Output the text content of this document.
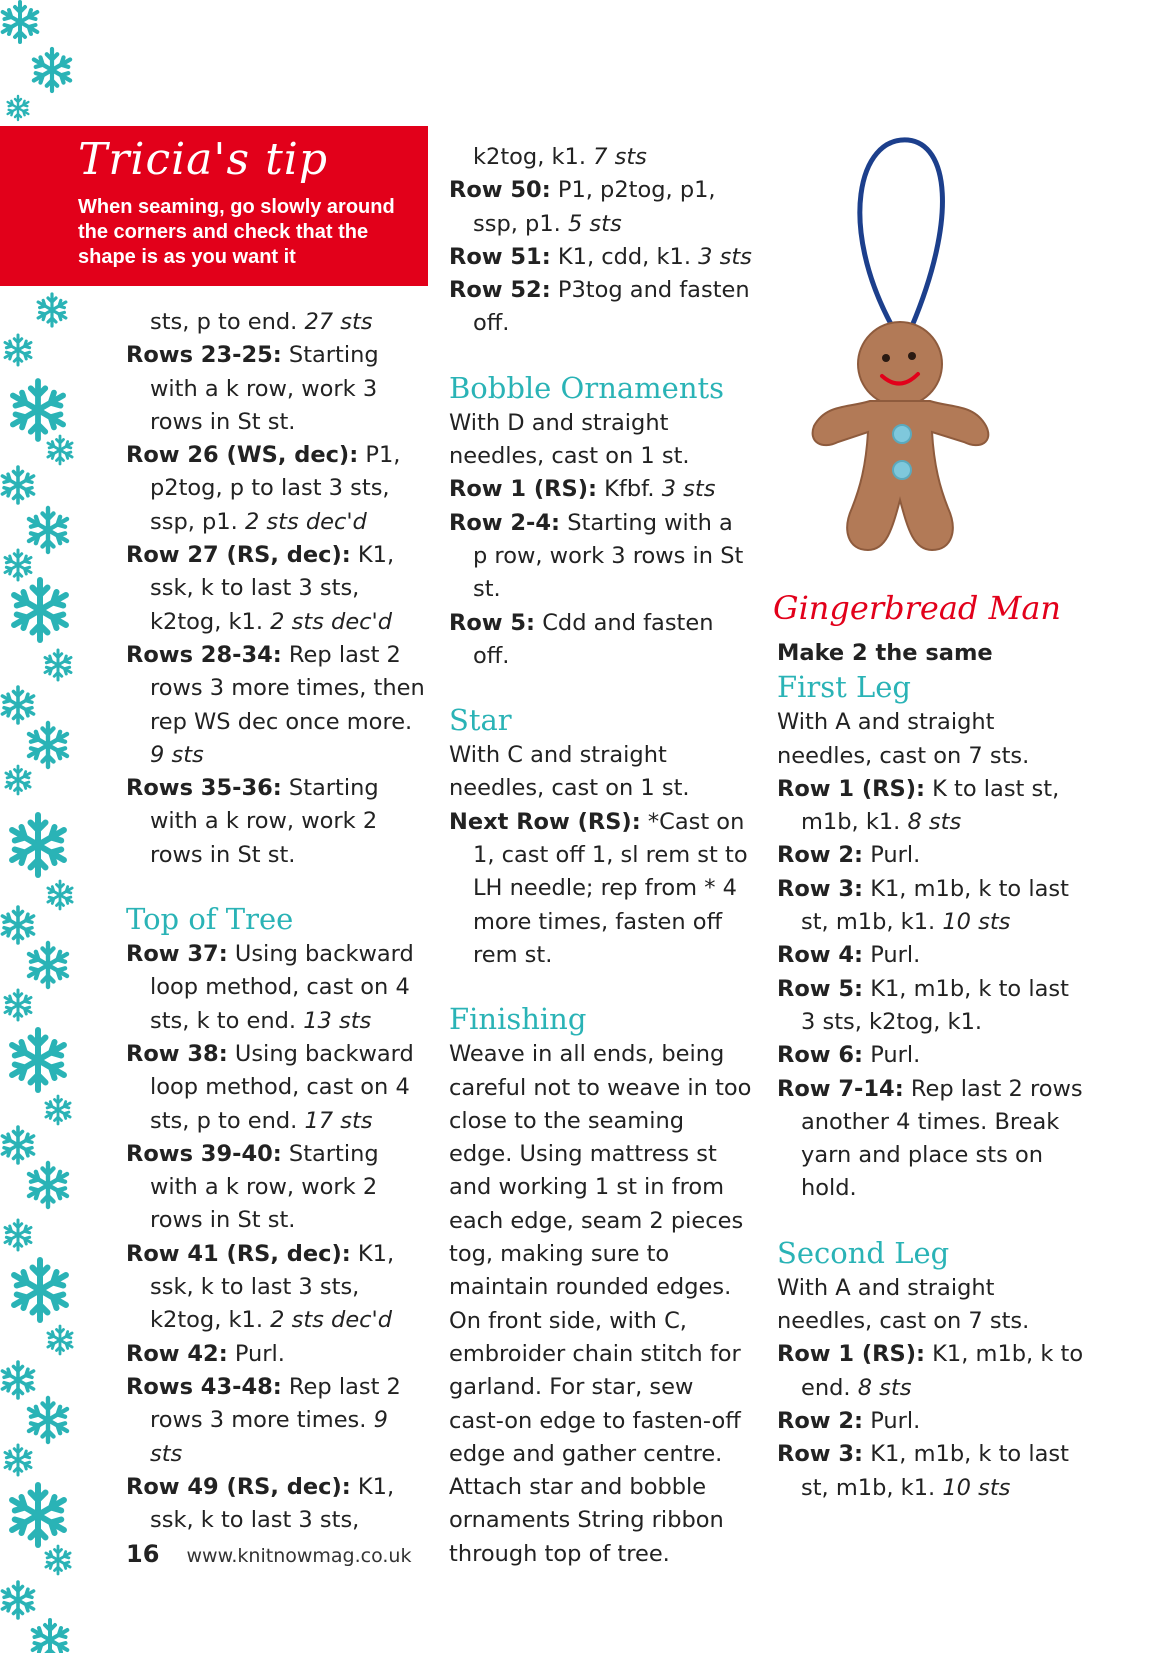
Tricia's tip

When seaming, go slowly around the corners and check that the shape is as you want it

sts, p to end. 27 sts

Rows 23-25: Starting with a k row, work 3 rows in St st.

Row 26 (WS, dec): P1, p2tog, p to last 3 sts, ssp, p1. 2 sts dec'd

Row 27 (RS, dec): K1, ssk, k to last 3 sts, k2tog, k1. 2 sts dec'd

Rows 28-34: Rep last 2 rows 3 more times, then rep WS dec once more. 9 sts

Rows 35-36: Starting with a k row, work 2 rows in St st.

Top of Tree

Row 37: Using backward loop method, cast on 4 sts, k to end. 13 sts

Row 38: Using backward loop method, cast on 4 sts, p to end. 17 sts

Rows 39-40: Starting with a k row, work 2 rows in St st.

Row 41 (RS, dec): K1, ssk, k to last 3 sts, k2tog, k1. 2 sts dec'd

Row 42: Purl.

Rows 43-48: Rep last 2 rows 3 more times. 9 sts

Row 49 (RS, dec): K1, ssk, k to last 3 sts,

k2tog, k1. 7 sts

Row 50: P1, p2tog, p1, ssp, p1. 5 sts

Row 51: K1, cdd, k1. 3 sts

Row 52: P3tog and fasten off.

Bobble Ornaments

With D and straight needles, cast on 1 st.

Row 1 (RS): Kfbf. 3 sts

Row 2-4: Starting with a p row, work 3 rows in St st.

Row 5: Cdd and fasten off.

Star

With C and straight needles, cast on 1 st.

Next Row (RS): *Cast on 1, cast off 1, sl rem st to LH needle; rep from * 4 more times, fasten off rem st.

Finishing

Weave in all ends, being careful not to weave in too close to the seaming edge. Using mattress st and working 1 st in from each edge, seam 2 pieces tog, making sure to maintain rounded edges.

On front side, with C, embroider chain stitch for garland. For star, sew cast-on edge to fasten-off edge and gather centre. Attach star and bobble ornaments String ribbon through top of tree.

Gingerbread Man

Make 2 the same

First Leg

With A and straight needles, cast on 7 sts.

Row 1 (RS): K to last st, m1b, k1. 8 sts

Row 2: Purl.

Row 3: K1, m1b, k to last st, m1b, k1. 10 sts

Row 4: Purl.

Row 5: K1, m1b, k to last 3 sts, k2tog, k1.

Row 6: Purl.

Row 7-14: Rep last 2 rows another 4 times. Break yarn and place sts on hold.

Second Leg

With A and straight needles, cast on 7 sts.

Row 1 (RS): K1, m1b, k to end. 8 sts

Row 2: Purl.

Row 3: K1, m1b, k to last st, m1b, k1. 10 sts

16 www.knitnowmag.co.uk
